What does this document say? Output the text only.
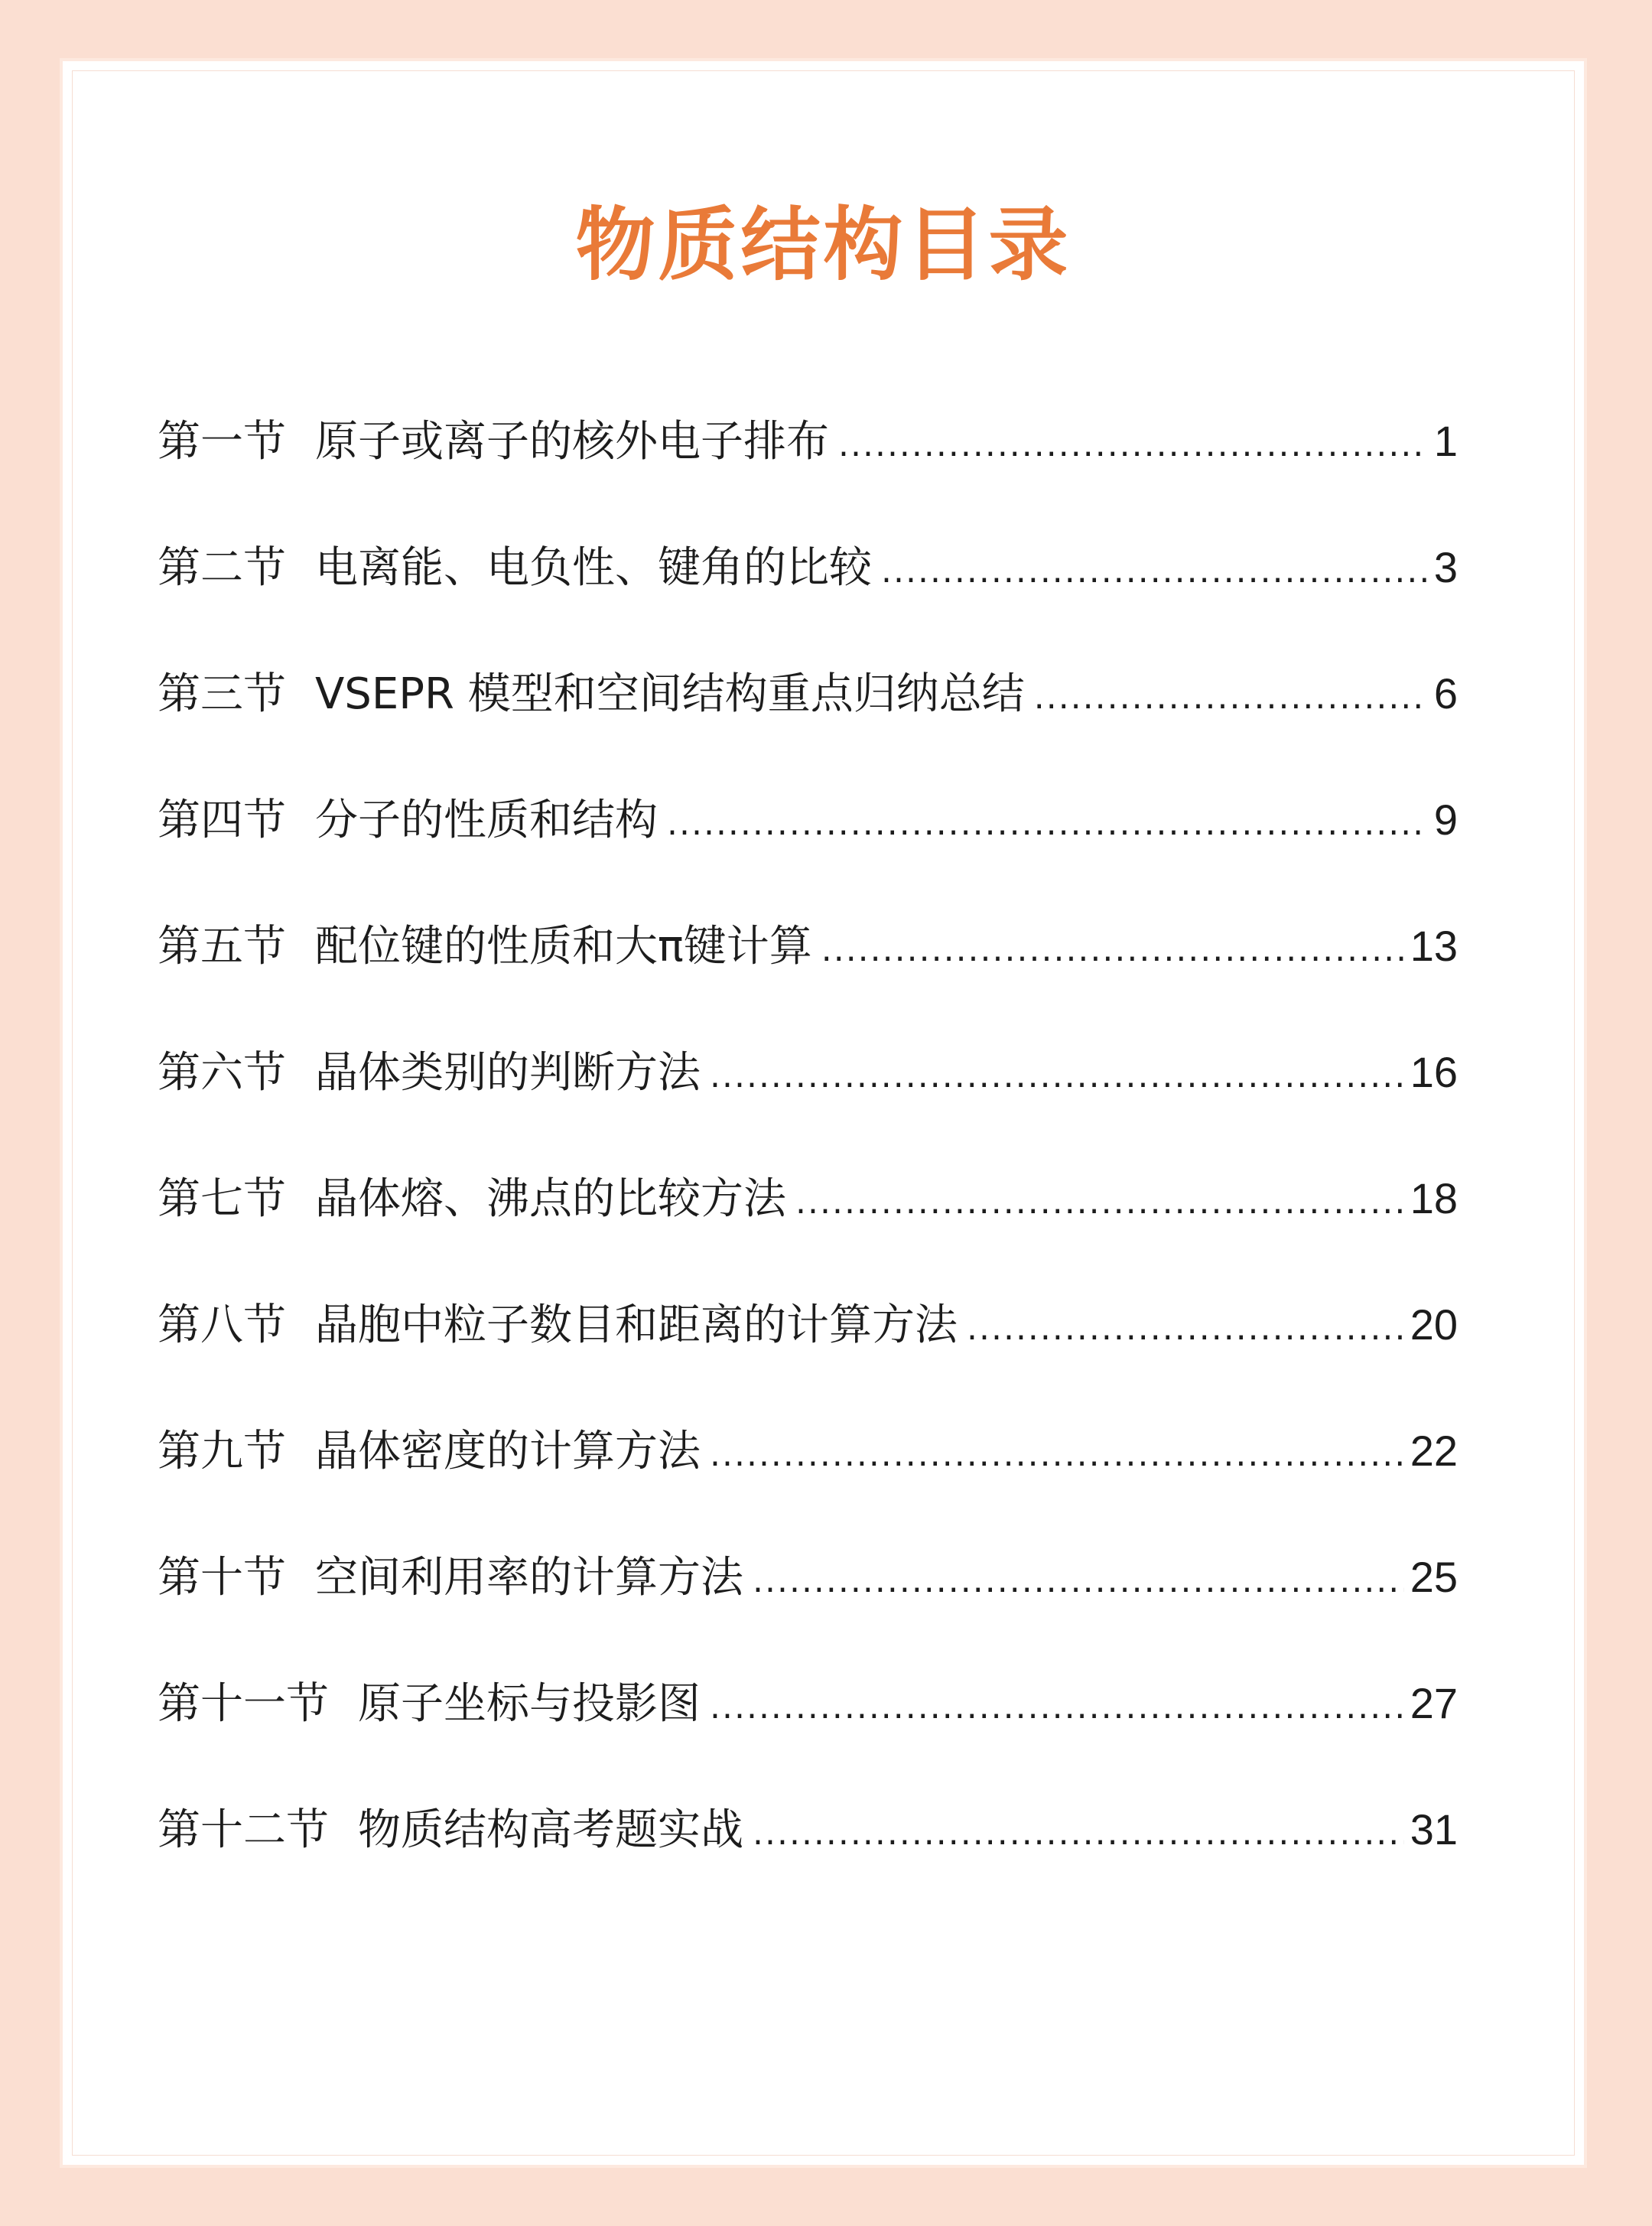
物质结构目录
第一节 原子或离子的核外电子排布 .....	1
第二节 电离能、电负性、键角的比较 .....	3
第三节 VSEPR 模型和空间结构重点归纳总结 .....	6
第四节 分子的性质和结构 .....	9
第五节 配位键的性质和大π键计算 .....	13
第六节 晶体类别的判断方法 .....	16
第七节 晶体熔、沸点的比较方法 .....	18
第八节 晶胞中粒子数目和距离的计算方法 .....	20
第九节 晶体密度的计算方法 .....	22
第十节 空间利用率的计算方法 .....	25
第十一节 原子坐标与投影图 .....	27
第十二节 物质结构高考题实战 .....	31
